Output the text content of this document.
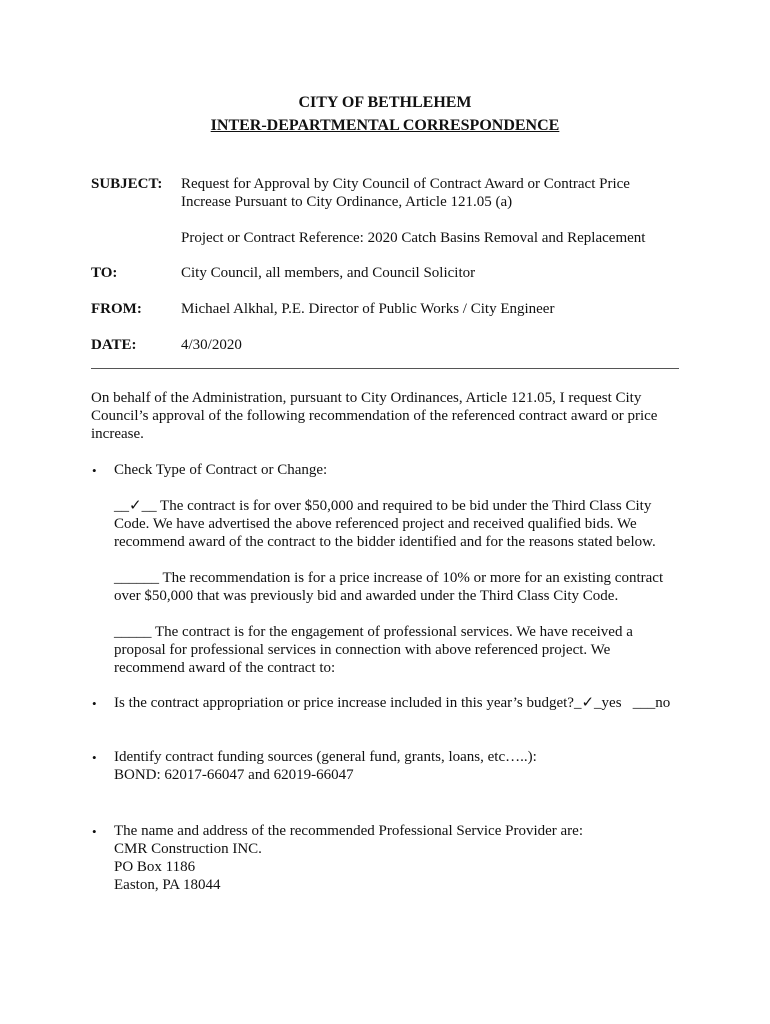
CITY OF BETHLEHEM
INTER-DEPARTMENTAL CORRESPONDENCE
SUBJECT: Request for Approval by City Council of Contract Award or Contract Price
Increase Pursuant to City Ordinance, Article 121.05 (a)
Project or Contract Reference: 2020 Catch Basins Removal and Replacement
TO:	City Council, all members, and Council Solicitor
FROM:	Michael Alkhal, P.E. Director of Public Works / City Engineer
DATE:	4/30/2020
On behalf of the Administration, pursuant to City Ordinances, Article 121.05, I request City
Council’s approval of the following recommendation of the referenced contract award or price
increase.
• Check Type of Contract or Change:
__✓__ The contract is for over $50,000 and required to be bid under the Third Class City
Code. We have advertised the above referenced project and received qualified bids. We
recommend award of the contract to the bidder identified and for the reasons stated below.
______ The recommendation is for a price increase of 10% or more for an existing contract
over $50,000 that was previously bid and awarded under the Third Class City Code.
_____ The contract is for the engagement of professional services. We have received a
proposal for professional services in connection with above referenced project. We
recommend award of the contract to:
• Is the contract appropriation or price increase included in this year’s budget?_✓_yes ___no
• Identify contract funding sources (general fund, grants, loans, etc…..):
BOND: 62017-66047 and 62019-66047
• The name and address of the recommended Professional Service Provider are:
CMR Construction INC.
PO Box 1186
Easton, PA 18044
